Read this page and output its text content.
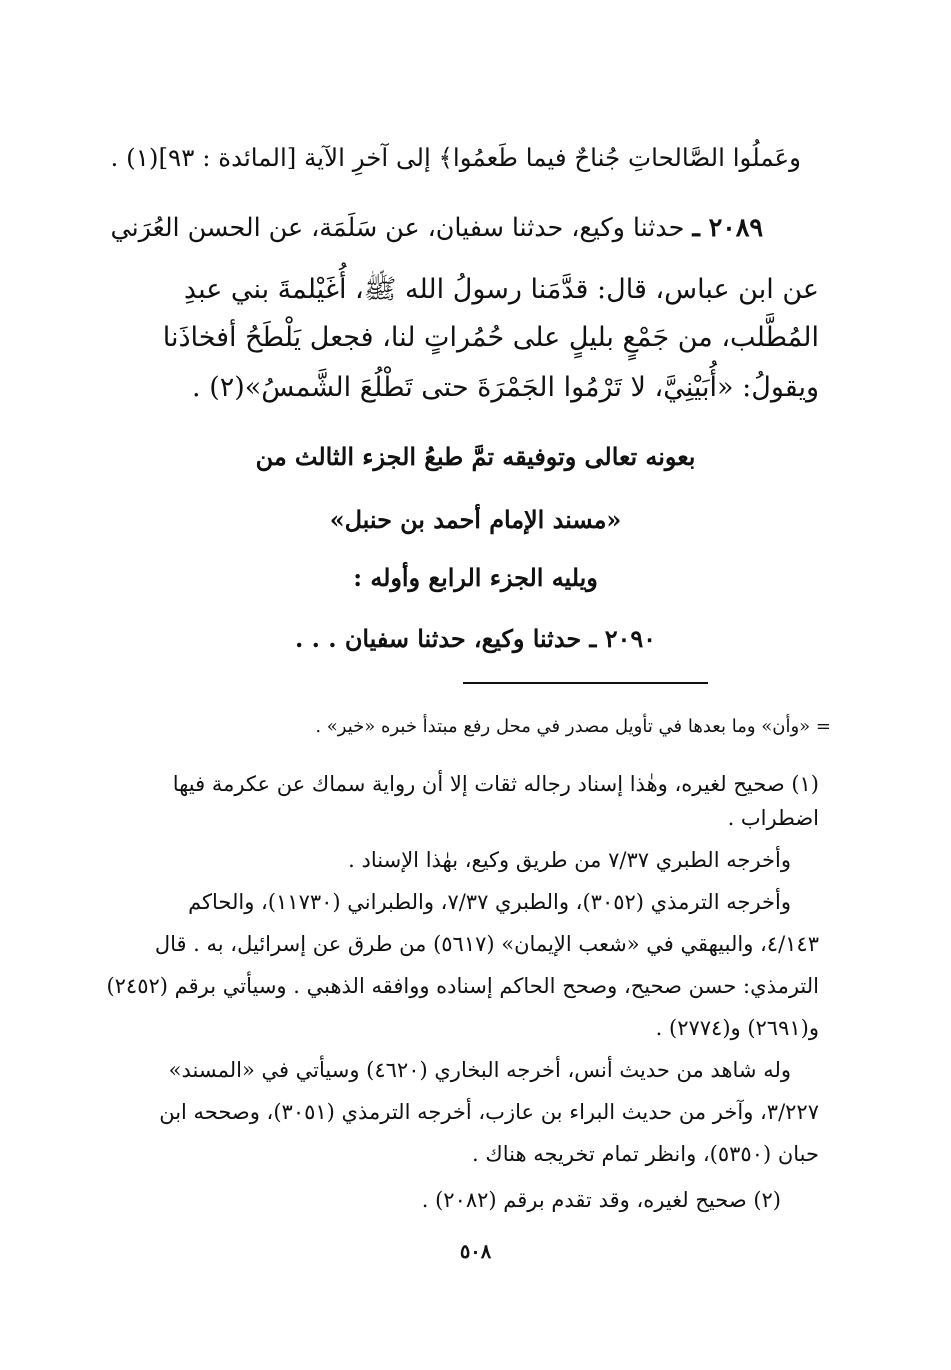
وعَملُوا الصَّالحاتِ جُناحٌ فيما طَعمُوا﴾ إلى آخرِ الآية [المائدة : ٩٣](١) .
٢٠٨٩ ـ حدثنا وكيع، حدثنا سفيان، عن سَلَمَة، عن الحسن العُرَني
عن ابن عباس، قال: قدَّمَنا رسولُ الله ﷺ، أُغَيْلمةَ بني عبدِ
المُطَّلب، من جَمْعٍ بليلٍ على حُمُراتٍ لنا، فجعل يَلْطَحُ أفخاذَنا
ويقولُ: «أُبَيْنِيَّ، لا تَرْمُوا الجَمْرَةَ حتى تَطْلُعَ الشَّمسُ»(٢) .
بعونه تعالى وتوفيقه تمَّ طبعُ الجزء الثالث من
«مسند الإمام أحمد بن حنبل»
ويليه الجزء الرابع وأوله :
٢٠٩٠ ـ حدثنا وكيع، حدثنا سفيان . . .
= «وأن» وما بعدها في تأويل مصدر في محل رفع مبتدأ خبره «خير» .
(١) صحيح لغيره، وهٰذا إسناد رجاله ثقات إلا أن رواية سماك عن عكرمة فيها
اضطراب .
وأخرجه الطبري ٧/٣٧ من طريق وكيع، بهٰذا الإسناد .
وأخرجه الترمذي (٣٠٥٢)، والطبري ٧/٣٧، والطبراني (١١٧٣٠)، والحاكم
٤/١٤٣، والبيهقي في «شعب الإيمان» (٥٦١٧) من طرق عن إسرائيل، به . قال
الترمذي: حسن صحيح، وصحح الحاكم إسناده ووافقه الذهبي . وسيأتي برقم (٢٤٥٢)
و(٢٦٩١) و(٢٧٧٤) .
وله شاهد من حديث أنس، أخرجه البخاري (٤٦٢٠) وسيأتي في «المسند»
٣/٢٢٧، وآخر من حديث البراء بن عازب، أخرجه الترمذي (٣٠٥١)، وصححه ابن
حبان (٥٣٥٠)، وانظر تمام تخريجه هناك .
(٢) صحيح لغيره، وقد تقدم برقم (٢٠٨٢) .
٥٠٨
